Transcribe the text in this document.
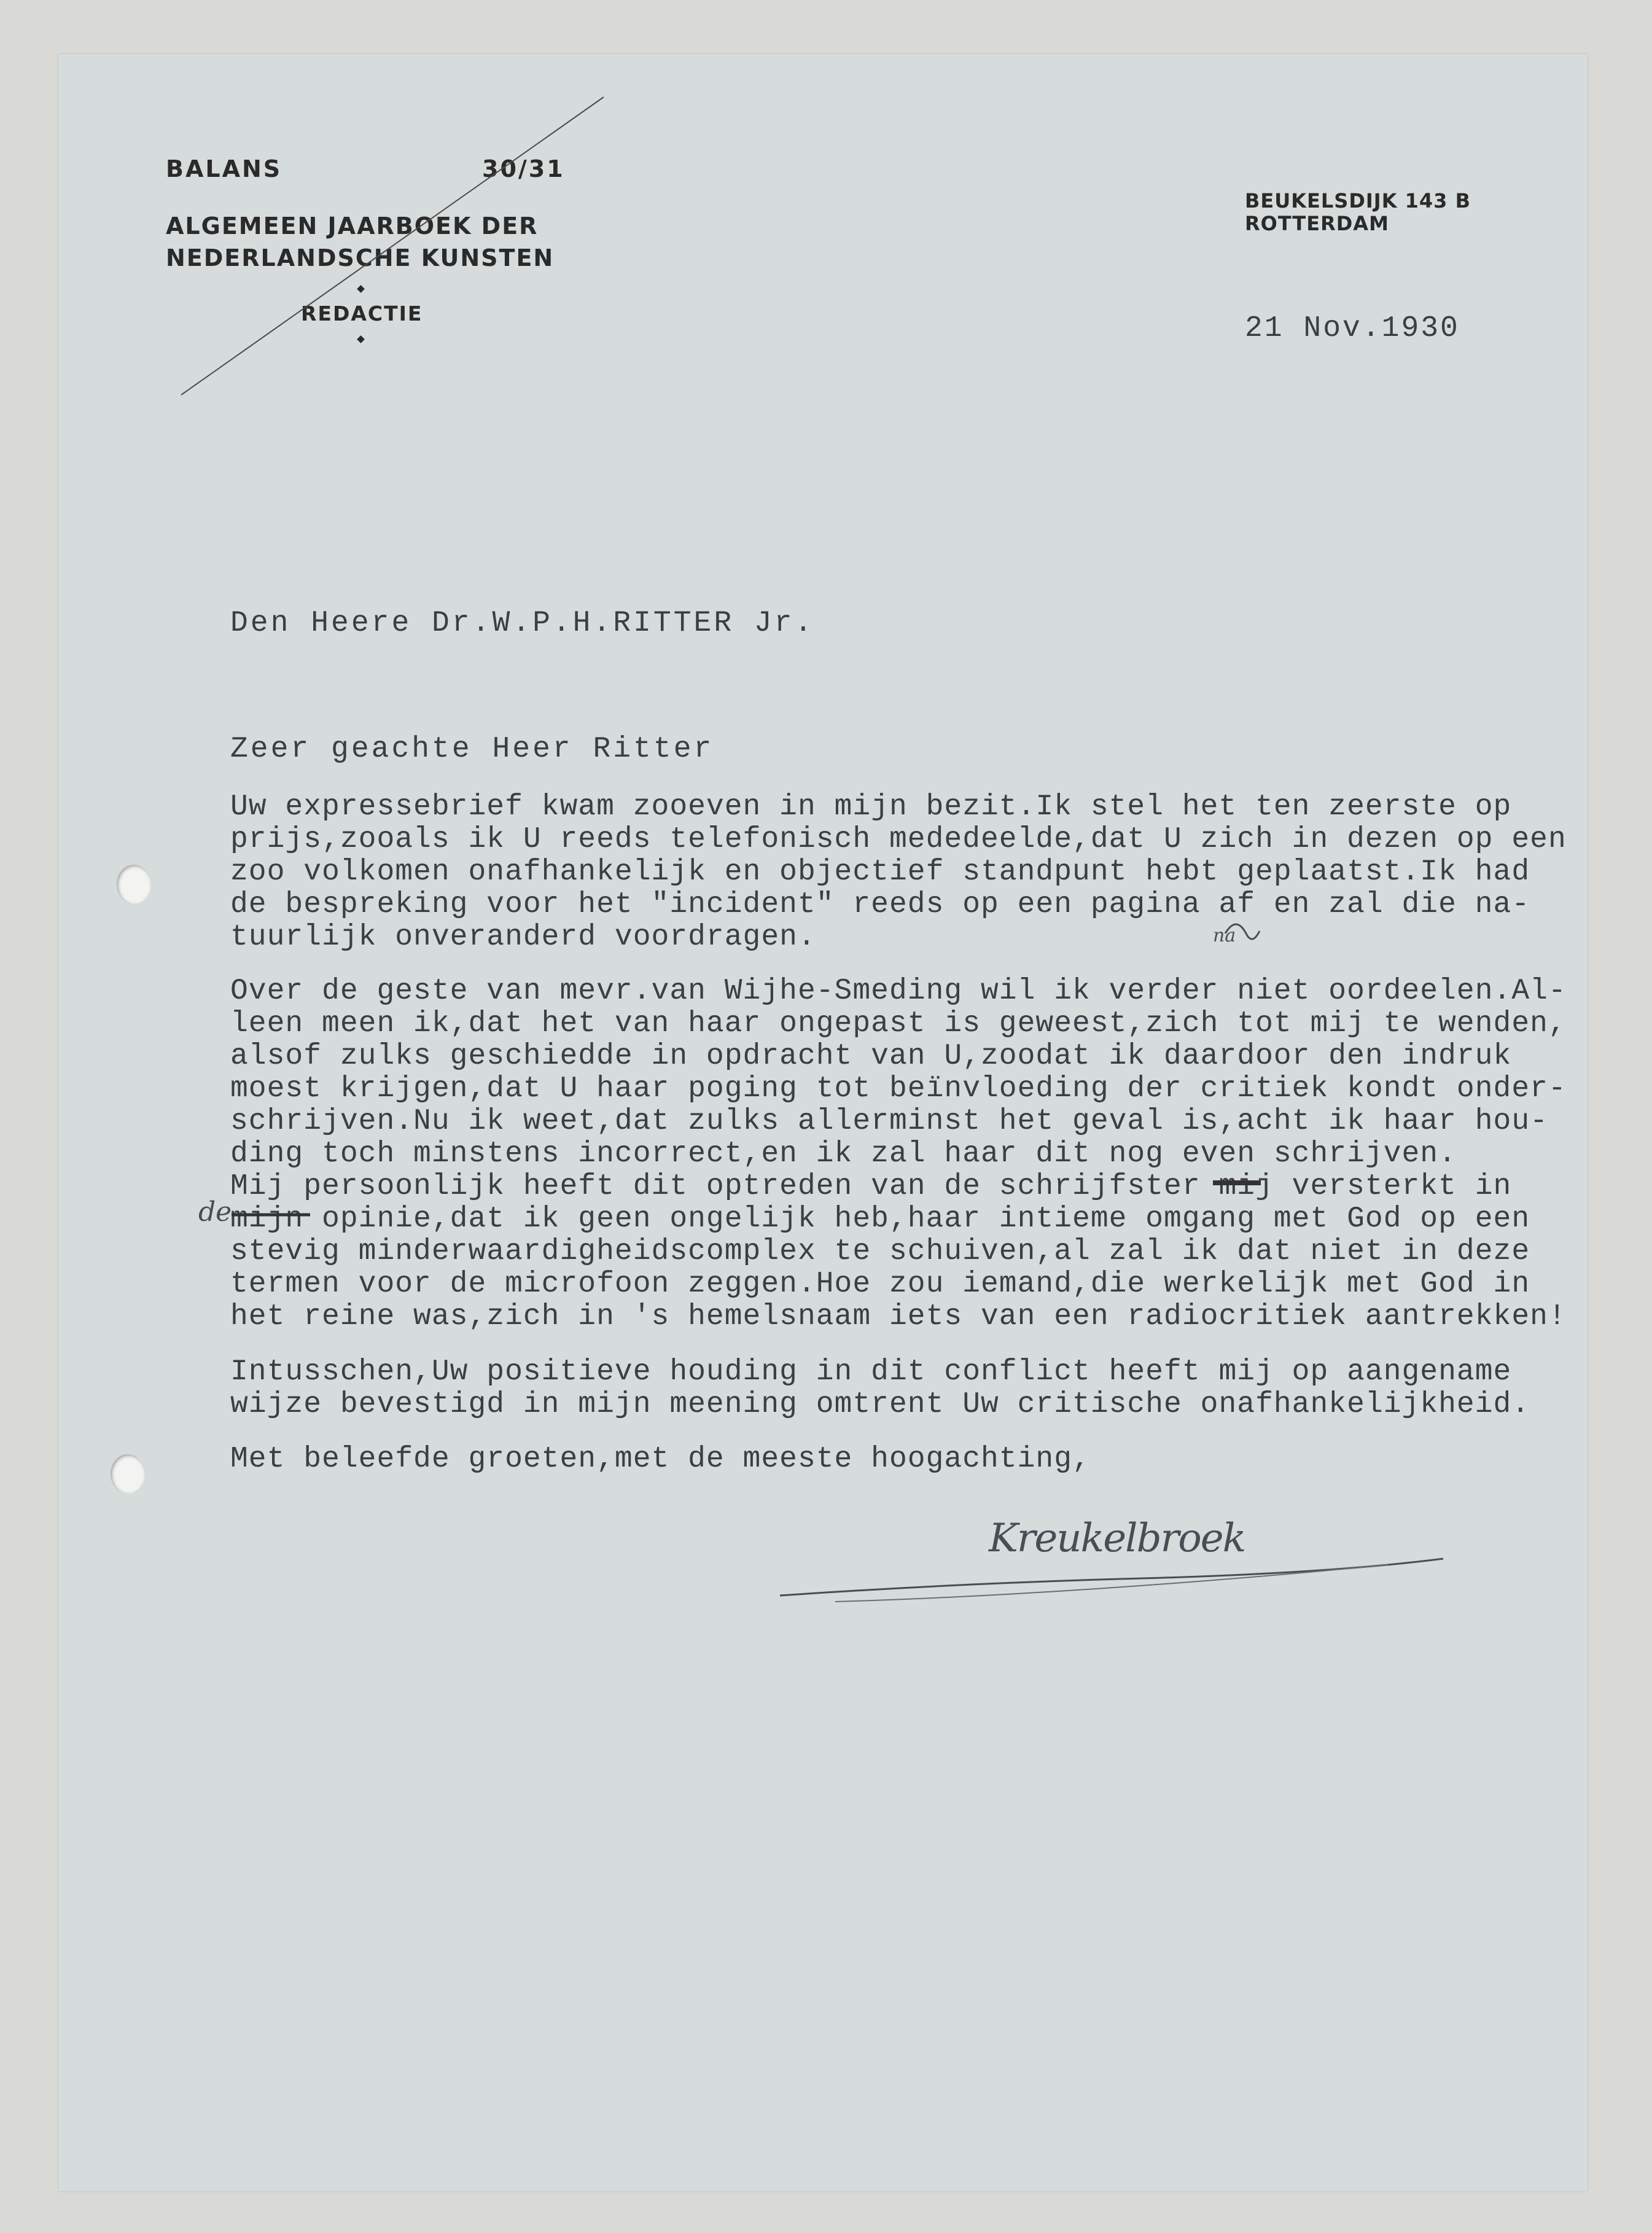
BALANS	30/31
ALGEMEEN JAARBOEK DER
NEDERLANDSCHE KUNSTEN
REDACTIE
BEUKELSDIJK 143 B
ROTTERDAM
21 Nov.1930
Den Heere Dr.W.P.H.RITTER Jr.
Zeer geachte Heer Ritter
Uw expressebrief kwam zooeven in mijn bezit.Ik stel het ten zeerste op
prijs,zooals ik U reeds telefonisch mededeelde,dat U zich in dezen op een
zoo volkomen onafhankelijk en objectief standpunt hebt geplaatst.Ik had
de bespreking voor het "incident" reeds op een pagina af en zal die na-
tuurlijk onveranderd voordragen.
Over de geste van mevr.van Wijhe-Smeding wil ik verder niet oordeelen.Al-
leen meen ik,dat het van haar ongepast is geweest,zich tot mij te wenden,
alsof zulks geschiedde in opdracht van U,zoodat ik daardoor den indruk
moest krijgen,dat U haar poging tot beïnvloeding der critiek kondt onder-
schrijven.Nu ik weet,dat zulks allerminst het geval is,acht ik haar hou-
ding toch minstens incorrect,en ik zal haar dit nog even schrijven.
Mij persoonlijk heeft dit optreden van de schrijfster mij versterkt in
mijn opinie,dat ik geen ongelijk heb,haar intieme omgang met God op een
stevig minderwaardigheidscomplex te schuiven,al zal ik dat niet in deze
termen voor de microfoon zeggen.Hoe zou iemand,die werkelijk met God in
het reine was,zich in 's hemelsnaam iets van een radiocritiek aantrekken!
Intusschen,Uw positieve houding in dit conflict heeft mij op aangename
wijze bevestigd in mijn meening omtrent Uw critische onafhankelijkheid.
Met beleefde groeten,met de meeste hoogachting,
de
na
Kreukelbroek
